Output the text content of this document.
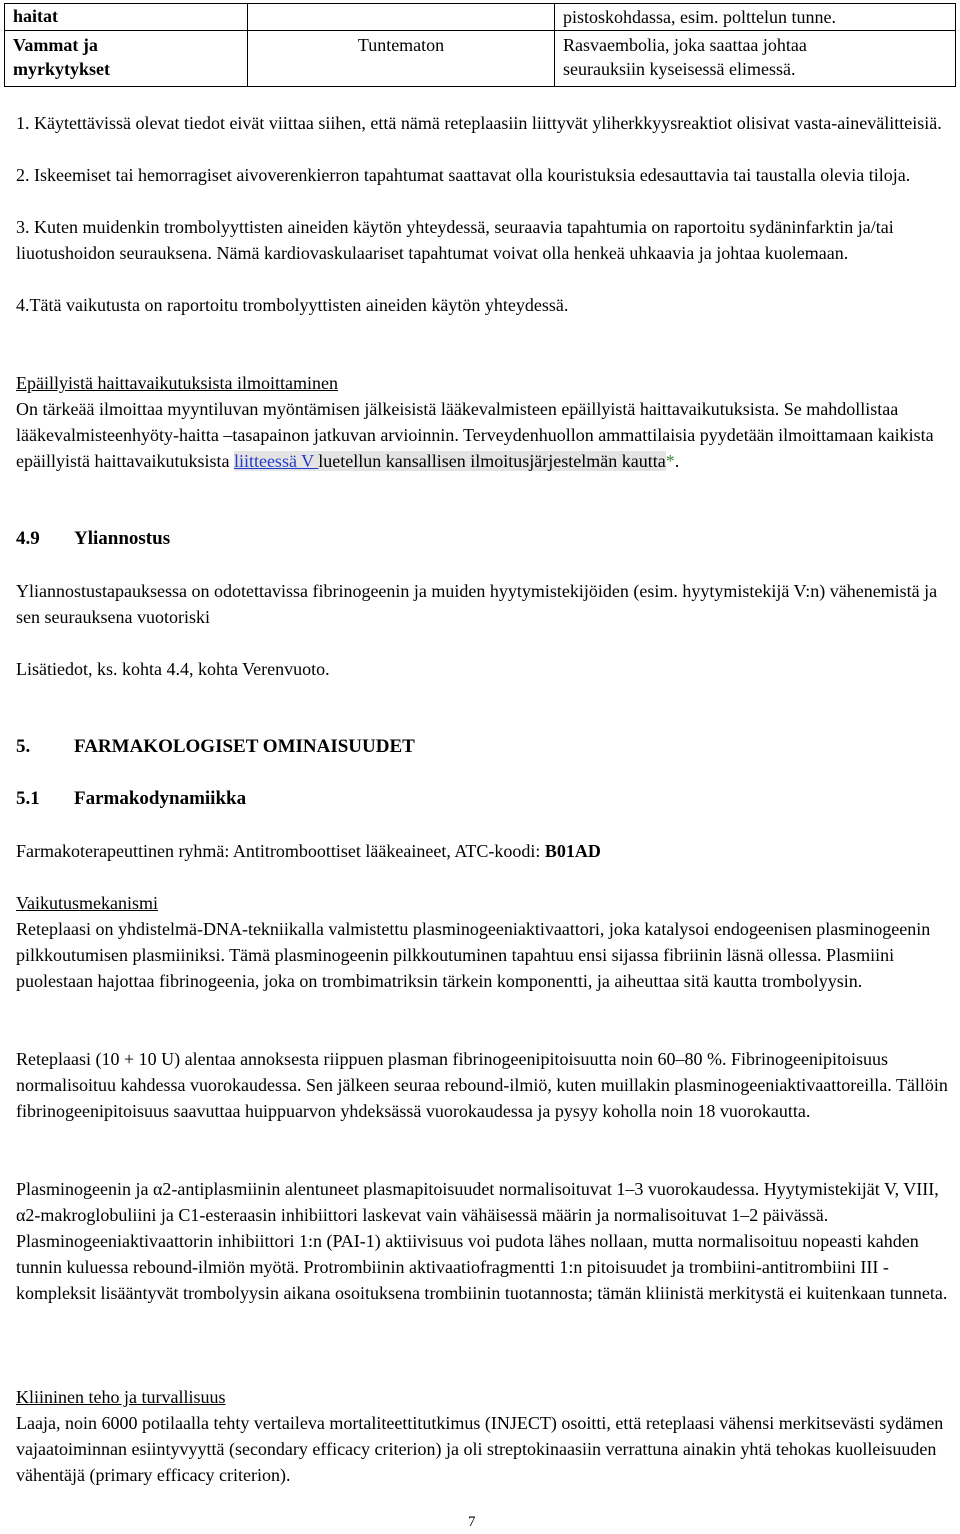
haitat		pistoskohdassa, esim. polttelun tunne.
Vammat ja
myrkytykset	Tuntematon	Rasvaembolia, joka saattaa johtaa
seurauksiin kyseisessä elimessä.

1. Käytettävissä olevat tiedot eivät viittaa siihen, että nämä reteplaasiin liittyvät yliherkkyysreaktiot olisivat vasta-ainevälitteisiä.

2. Iskeemiset tai hemorragiset aivoverenkierron tapahtumat saattavat olla kouristuksia edesauttavia tai taustalla olevia tiloja.

3. Kuten muidenkin trombolyyttisten aineiden käytön yhteydessä, seuraavia tapahtumia on raportoitu sydäninfarktin ja/tai liuotushoidon seurauksena. Nämä kardiovaskulaariset tapahtumat voivat olla henkeä uhkaavia ja johtaa kuolemaan.

4.Tätä vaikutusta on raportoitu trombolyyttisten aineiden käytön yhteydessä.

Epäillyistä haittavaikutuksista ilmoittaminen

On tärkeää ilmoittaa myyntiluvan myöntämisen jälkeisistä lääkevalmisteen epäillyistä haittavaikutuksista. Se mahdollistaa lääkevalmisteenhyöty-haitta –tasapainon jatkuvan arvioinnin. Terveydenhuollon ammattilaisia pyydetään ilmoittamaan kaikista epäillyistä haittavaikutuksista liitteessä V luetellun kansallisen ilmoitusjärjestelmän kautta*.

4.9 Yliannostus

Yliannostustapauksessa on odotettavissa fibrinogeenin ja muiden hyytymistekijöiden (esim. hyytymistekijä V:n) vähenemistä ja sen seurauksena vuotoriski

Lisätiedot, ks. kohta 4.4, kohta Verenvuoto.

5. FARMAKOLOGISET OMINAISUUDET

5.1 Farmakodynamiikka

Farmakoterapeuttinen ryhmä: Antitromboottiset lääkeaineet, ATC-koodi: B01AD

Vaikutusmekanismi

Reteplaasi on yhdistelmä-DNA-tekniikalla valmistettu plasminogeeniaktivaattori, joka katalysoi endogeenisen plasminogeenin pilkkoutumisen plasmiiniksi. Tämä plasminogeenin pilkkoutuminen tapahtuu ensi sijassa fibriinin läsnä ollessa. Plasmiini puolestaan hajottaa fibrinogeenia, joka on trombimatriksin tärkein komponentti, ja aiheuttaa sitä kautta trombolyysin.

Reteplaasi (10 + 10 U) alentaa annoksesta riippuen plasman fibrinogeenipitoisuutta noin 60–80 %. Fibrinogeenipitoisuus normalisoituu kahdessa vuorokaudessa. Sen jälkeen seuraa rebound-ilmiö, kuten muillakin plasminogeeniaktivaattoreilla. Tällöin fibrinogeenipitoisuus saavuttaa huippuarvon yhdeksässä vuorokaudessa ja pysyy koholla noin 18 vuorokautta.

Plasminogeenin ja α2-antiplasmiinin alentuneet plasmapitoisuudet normalisoituvat 1–3 vuorokaudessa. Hyytymistekijät V, VIII, α2-makroglobuliini ja C1-esteraasin inhibiittori laskevat vain vähäisessä määrin ja normalisoituvat 1–2 päivässä. Plasminogeeniaktivaattorin inhibiittori 1:n (PAI-1) aktiivisuus voi pudota lähes nollaan, mutta normalisoituu nopeasti kahden tunnin kuluessa rebound-ilmiön myötä. Protrombiinin aktivaatiofragmentti 1:n pitoisuudet ja trombiini-antitrombiini III -kompleksit lisääntyvät trombolyysin aikana osoituksena trombiinin tuotannosta; tämän kliinistä merkitystä ei kuitenkaan tunneta.

Kliininen teho ja turvallisuus

Laaja, noin 6000 potilaalla tehty vertaileva mortaliteettitutkimus (INJECT) osoitti, että reteplaasi vähensi merkitsevästi sydämen vajaatoiminnan esiintyvyyttä (secondary efficacy criterion) ja oli streptokinaasiin verrattuna ainakin yhtä tehokas kuolleisuuden vähentäjä (primary efficacy criterion).

7
